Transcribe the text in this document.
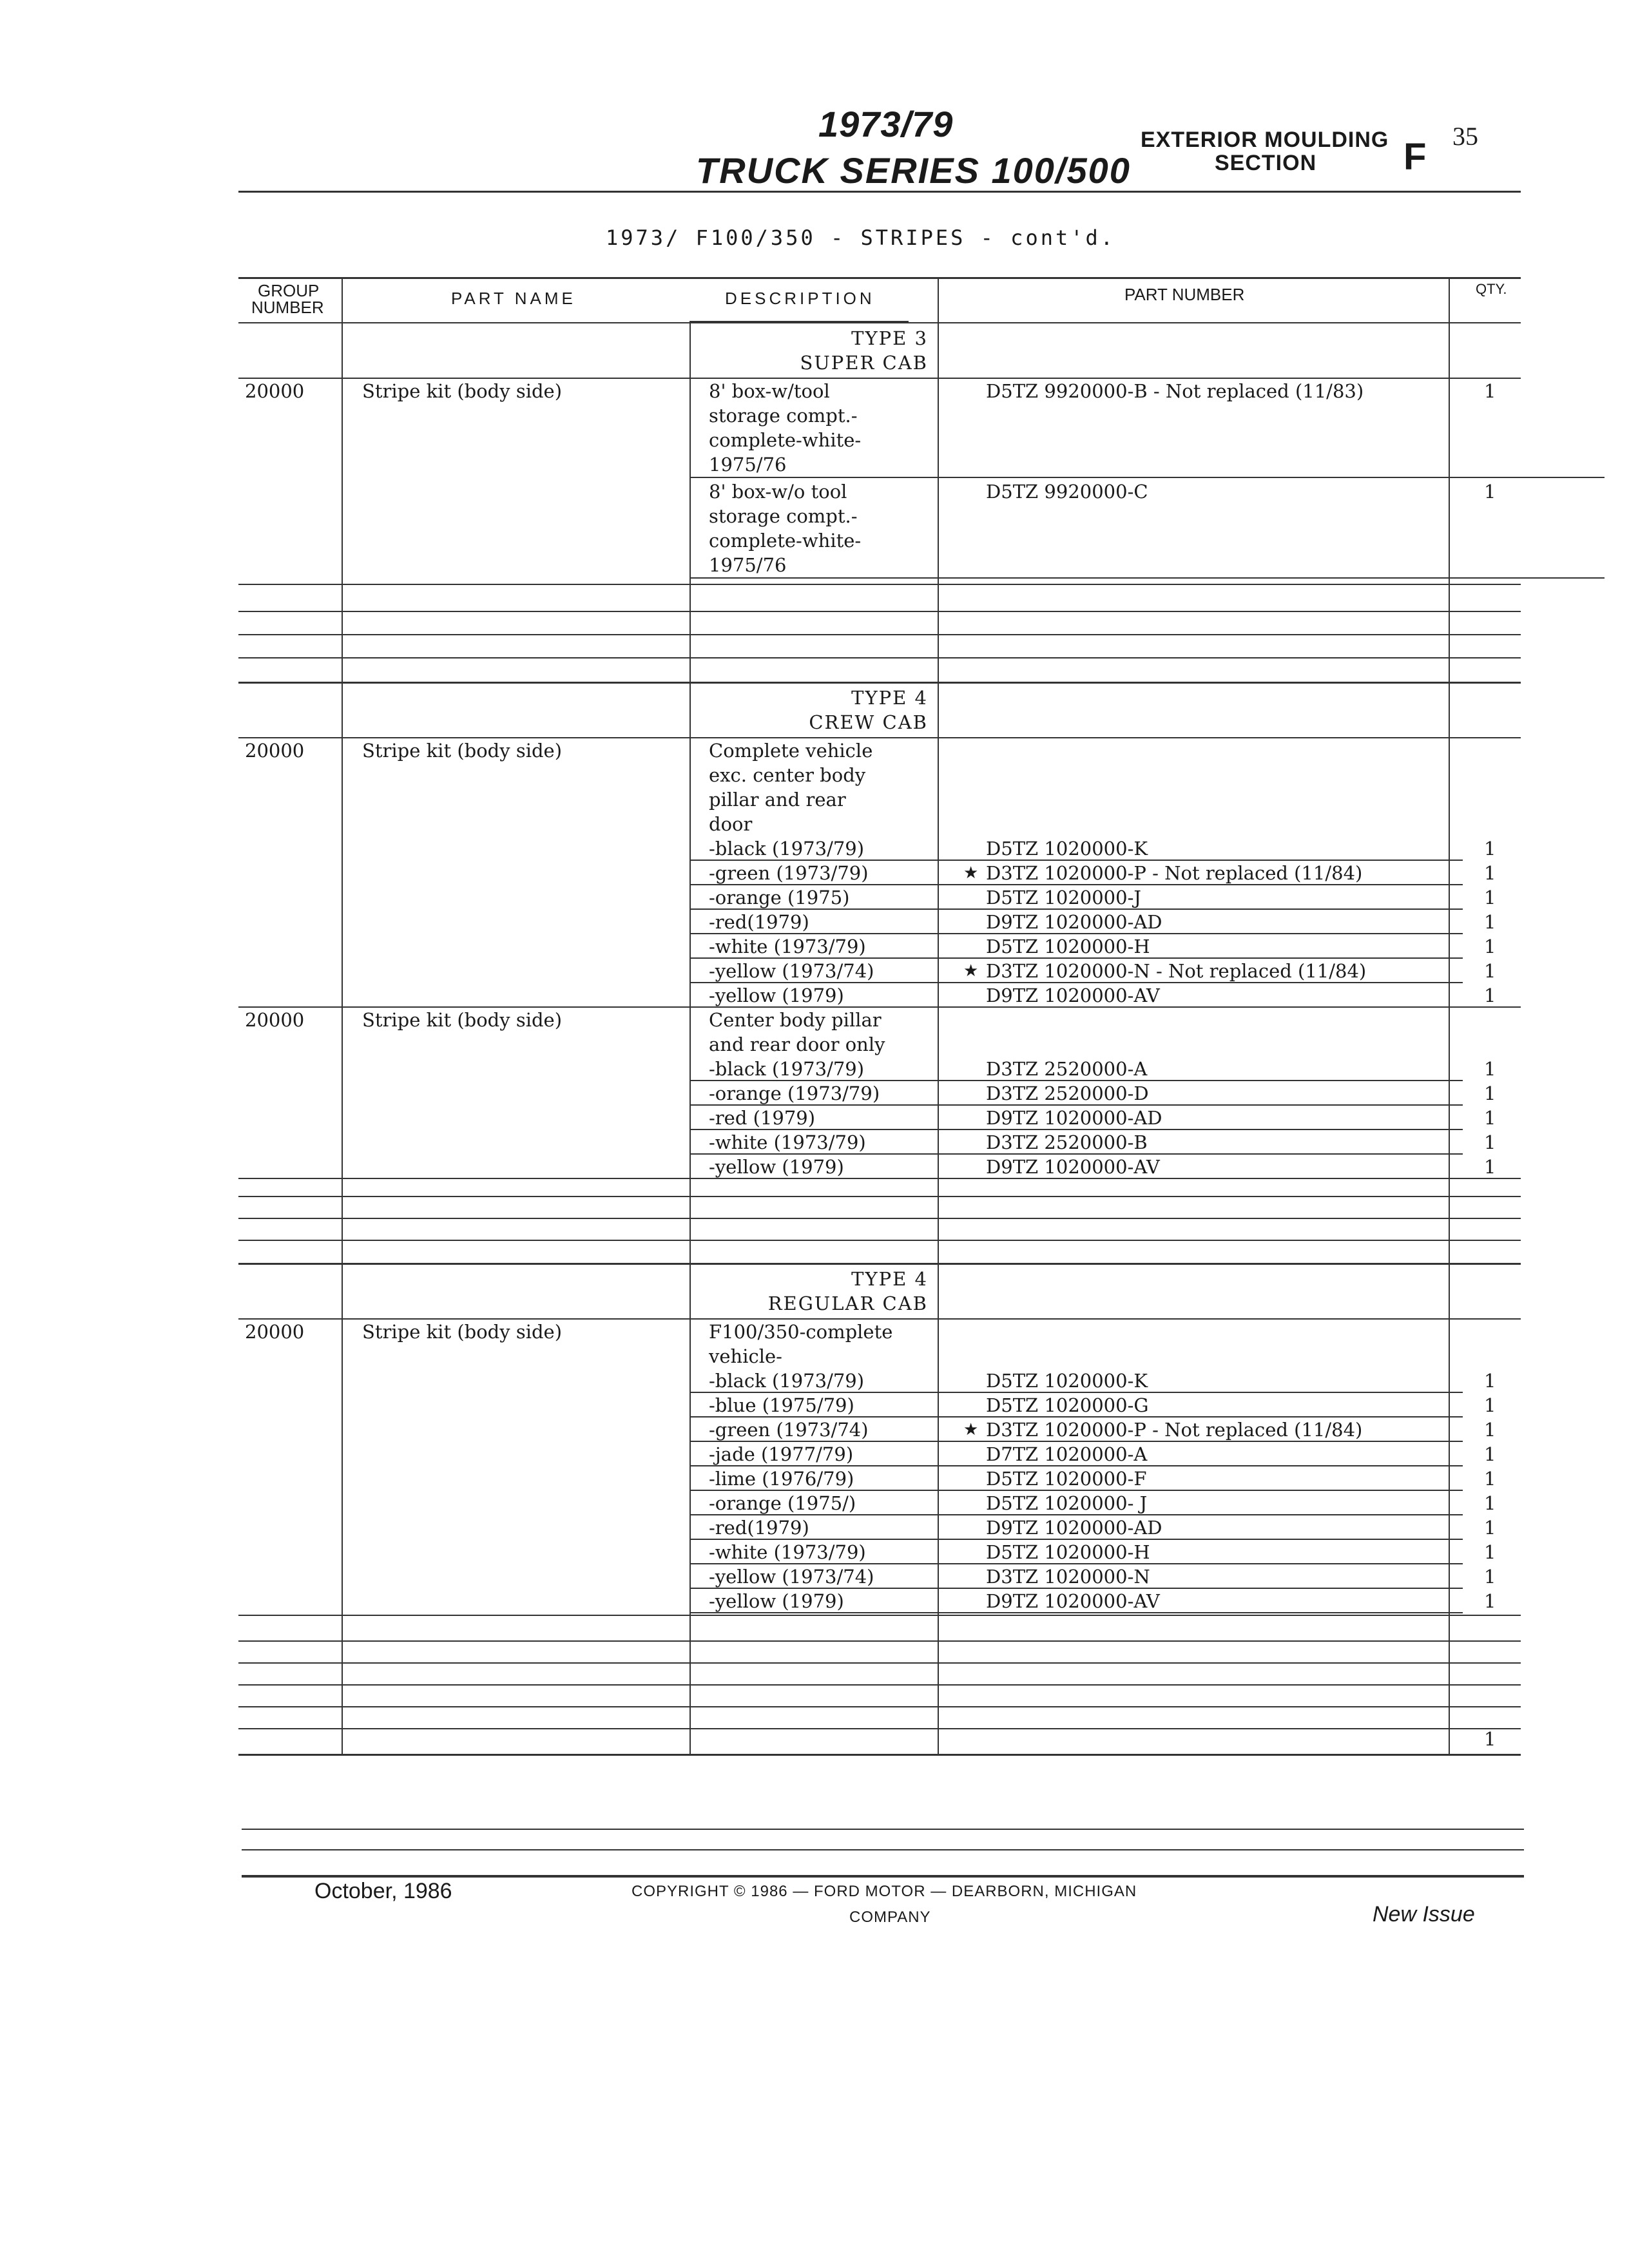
1973/79
TRUCK SERIES 100/500
EXTERIOR MOULDING
SECTION F 35
1973/ F100/350 - STRIPES - cont'd.
GROUP
NUMBER	PART NAME	DESCRIPTION	PART NUMBER	QTY.
TYPE 3
SUPER CAB
20000	Stripe kit (body side)	8' box-w/tool
storage compt.-
complete-white-
1975/76
D5TZ 9920000-B - Not replaced (11/83)	1
8' box-w/o tool
storage compt.-
complete-white-
1975/76
D5TZ 9920000-C	1
TYPE 4
CREW CAB
20000	Stripe kit (body side)	Complete vehicle
exc. center body
pillar and rear
door
-black (1973/79)	D5TZ 1020000-K	1
-green (1973/79)	★ D3TZ 1020000-P - Not replaced (11/84)	1
-orange (1975)	D5TZ 1020000-J	1
-red(1979)	D9TZ 1020000-AD	1
-white (1973/79)	D5TZ 1020000-H	1
-yellow (1973/74)	★ D3TZ 1020000-N - Not replaced (11/84)	1
-yellow (1979)	D9TZ 1020000-AV	1
20000	Stripe kit (body side)	Center body pillar
and rear door only
-black (1973/79)	D3TZ 2520000-A	1
-orange (1973/79)	D3TZ 2520000-D	1
-red (1979)	D9TZ 1020000-AD	1
-white (1973/79)	D3TZ 2520000-B	1
-yellow (1979)	D9TZ 1020000-AV	1
TYPE 4
REGULAR CAB
20000	Stripe kit (body side)	F100/350-complete
vehicle-
-black (1973/79)	D5TZ 1020000-K	1
-blue (1975/79)	D5TZ 1020000-G	1
-green (1973/74)	★ D3TZ 1020000-P - Not replaced (11/84)	1
-jade (1977/79)	D7TZ 1020000-A	1
-lime (1976/79)	D5TZ 1020000-F	1
-orange (1975/)	D5TZ 1020000- J	1
-red(1979)	D9TZ 1020000-AD	1
-white (1973/79)	D5TZ 1020000-H	1
-yellow (1973/74)	D3TZ 1020000-N	1
-yellow (1979)	D9TZ 1020000-AV	1
1
October, 1986	COPYRIGHT © 1986 — FORD MOTOR — DEARBORN, MICHIGAN
COMPANY	New Issue
